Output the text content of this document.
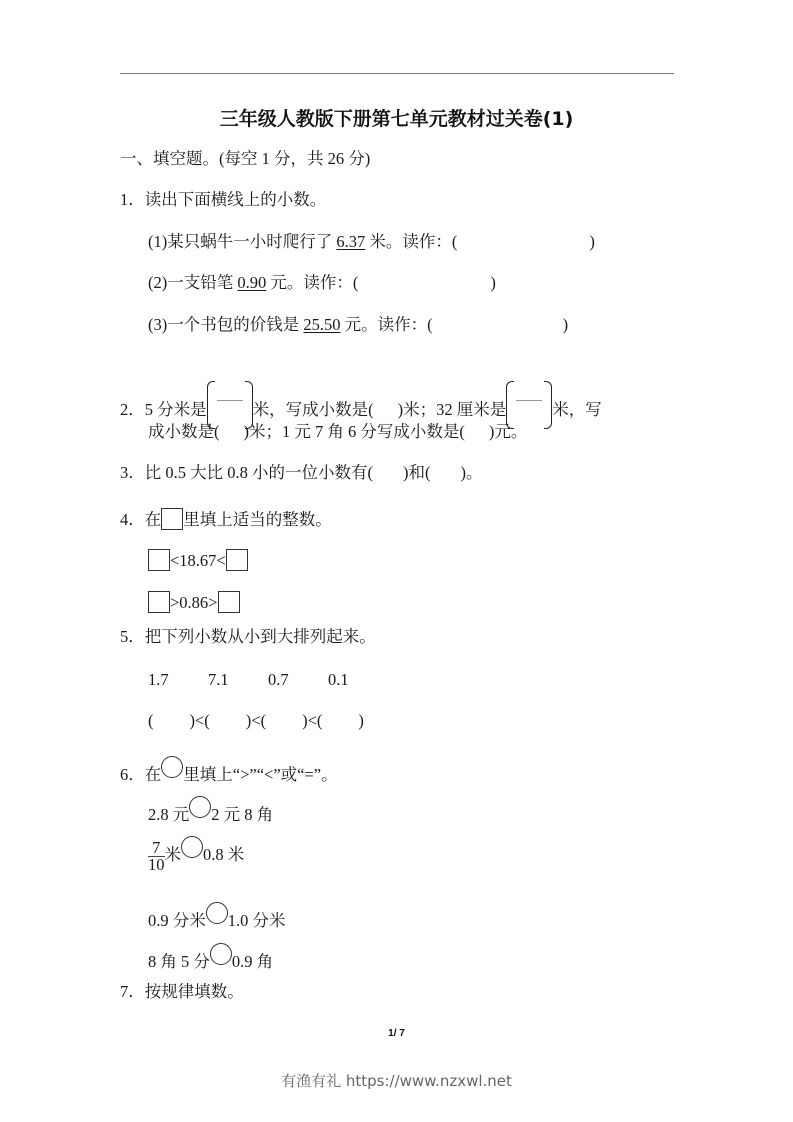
三年级人教版下册第七单元教材过关卷(1)
一、填空题。(每空 1 分，共 26 分)
1．读出下面横线上的小数。
(1)某只蜗牛一小时爬行了 6.37 米。读作：(	)
(2)一支铅笔 0.90 元。读作：(	)
(3)一个书包的价钱是 25.50 元。读作：(	)
2．5 分米是	米，写成小数是( )米；32 厘米是	米，写
成小数是( )米；1 元 7 角 6 分写成小数是( )元。
3．比 0.5 大比 0.8 小的一位小数有( )和( )。
4．在 里填上适当的整数。
<18.67<
>0.86>
5．把下列小数从小到大排列起来。
1.7 7.1 0.7 0.1
( )<( )<( )<( )
6．在 里填上“>”“<”或“=”。
2.8 元 2 元 8 角
$\frac{7}{10}$ 米 0.8 米
0.9 分米 1.0 分米
8 角 5 分 0.9 角
7．按规律填数。
1/ 7
有渔有礼 https://www.nzxwl.net
